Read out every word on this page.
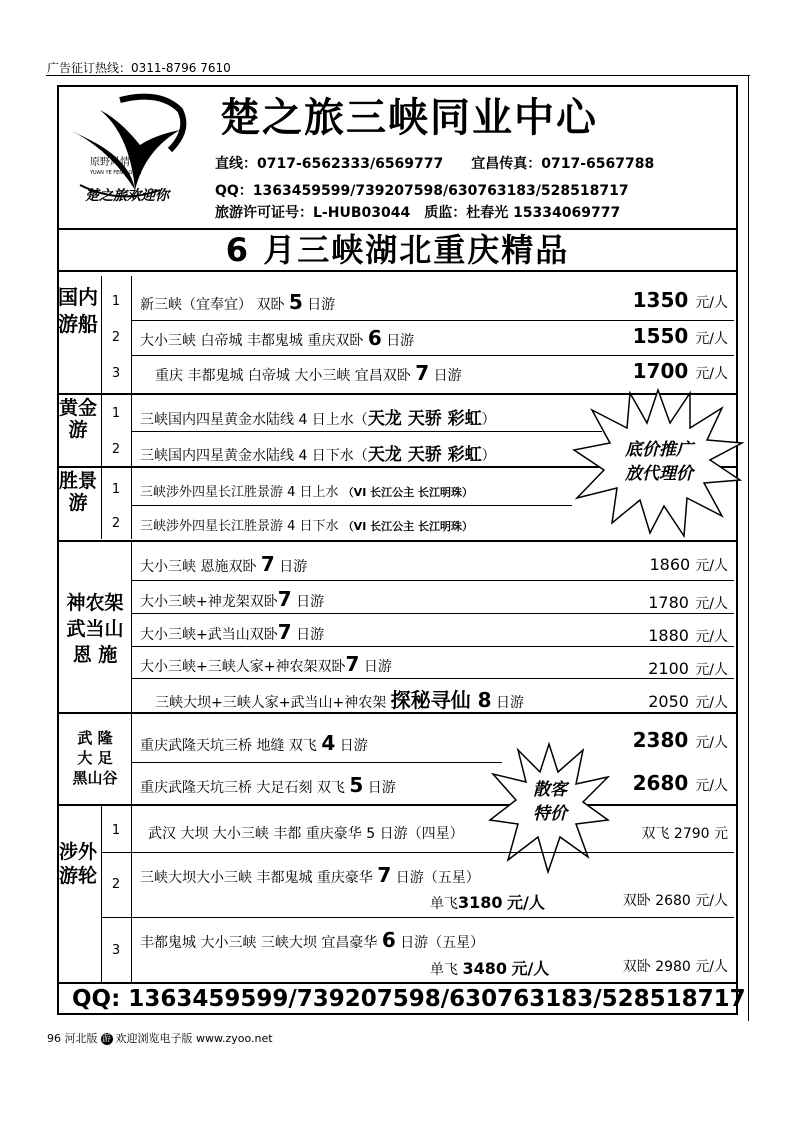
广告征订热线：0311-8796 7610
原野风情
YUAN YE FENG QING
楚之旅欢迎你
楚之旅三峡同业中心
直线：0717-6562333/6569777　　宜昌传真：0717-6567788
QQ：1363459599/739207598/630763183/528518717
旅游许可证号：L-HUB03044　质监：杜春光 15334069777
6 月三峡湖北重庆精品
国内游船
1	新三峡（宜奉宜） 双卧 5 日游	1350 元/人
2	大小三峡 白帝城 丰都鬼城 重庆双卧 6 日游	1550 元/人
3	重庆 丰都鬼城 白帝城 大小三峡 宜昌双卧 7 日游	1700 元/人
黄金游
1	三峡国内四星黄金水陆线 4 日上水（天龙 天骄 彩虹）
2	三峡国内四星黄金水陆线 4 日下水（天龙 天骄 彩虹）
胜景游
1	三峡涉外四星长江胜景游 4 日上水 （VI 长江公主 长江明珠）
2	三峡涉外四星长江胜景游 4 日下水 （VI 长江公主 长江明珠）
底价推广
放代理价
神农架
武当山
恩 施
大小三峡 恩施双卧 7 日游	1860 元/人
大小三峡+神龙架双卧7 日游	1780 元/人
大小三峡+武当山双卧7 日游	1880 元/人
大小三峡+三峡人家+神农架双卧7 日游	2100 元/人
三峡大坝+三峡人家+武当山+神农架 探秘寻仙 8 日游	2050 元/人
武 隆
大 足
黑山谷
重庆武隆天坑三桥 地缝 双飞 4 日游	2380 元/人
重庆武隆天坑三桥 大足石刻 双飞 5 日游	2680 元/人
散客
特价
涉外游轮
1	武汉 大坝 大小三峡 丰都 重庆豪华 5 日游（四星）	双飞 2790 元
2	三峡大坝大小三峡 丰都鬼城 重庆豪华 7 日游（五星）
单飞3180 元/人	双卧 2680 元/人
3	丰都鬼城 大小三峡 三峡大坝 宜昌豪华 6 日游（五星）
单飞 3480 元/人	双卧 2980 元/人
QQ: 1363459599/739207598/630763183/528518717
96 河北版 游 欢迎浏览电子版 www.zyoo.net
